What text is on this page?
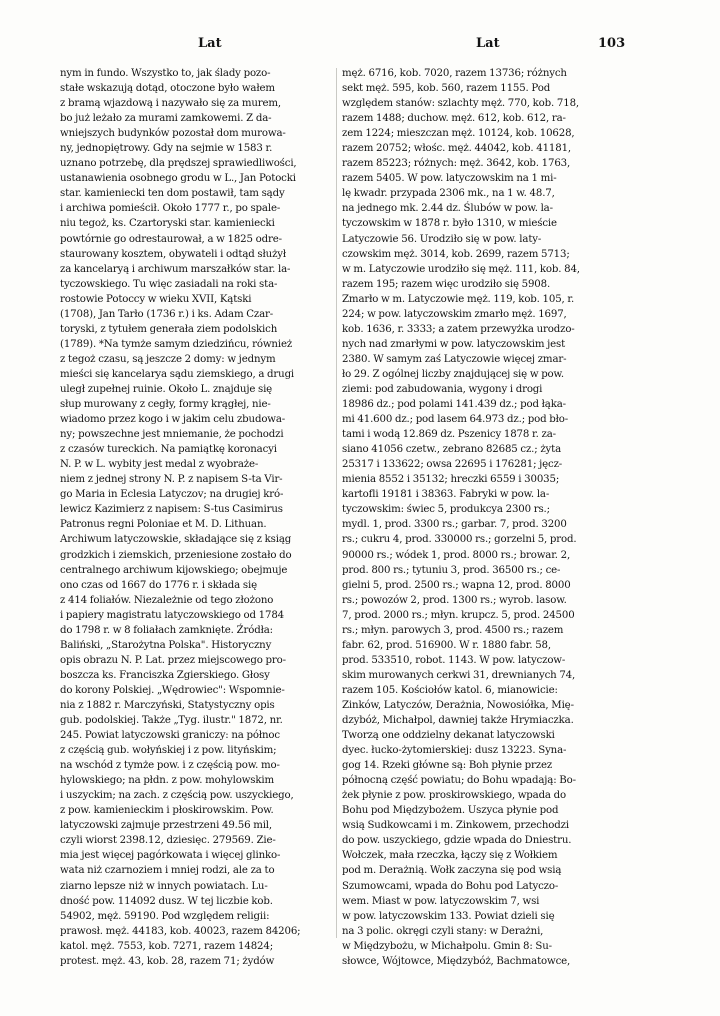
Lat	Lat	103
nym in fundo. Wszystko to, jak ślady pozo-
stałe wskazują dotąd, otoczone było wałem
z bramą wjazdową i nazywało się za murem,
bo już leżało za murami zamkowemi. Z da-
wniejszych budynków pozostał dom murowa-
ny, jednopiętrowy. Gdy na sejmie w 1583 r.
uznano potrzebę, dla prędszej sprawiedliwości,
ustanawienia osobnego grodu w L., Jan Potocki
star. kamieniecki ten dom postawił, tam sądy
i archiwa pomieścił. Około 1777 r., po spale-
niu tegoż, ks. Czartoryski star. kamieniecki
powtórnie go odrestaurował, a w 1825 odre-
staurowany kosztem, obywateli i odtąd służył
za kancelaryą i archiwum marszałków star. la-
tyczowskiego. Tu więc zasiadali na roki sta-
rostowie Potoccy w wieku XVII, Kątski
(1708), Jan Tarło (1736 r.) i ks. Adam Czar-
toryski, z tytułem generała ziem podolskich
(1789). *Na tymże samym dziedzińcu, również
z tegoż czasu, są jeszcze 2 domy: w jednym
mieści się kancelarya sądu ziemskiego, a drugi
uległ zupełnej ruinie. Około L. znajduje się
słup murowany z cegły, formy krągłej, nie-
wiadomo przez kogo i w jakim celu zbudowa-
ny; powszechne jest mniemanie, że pochodzi
z czasów tureckich. Na pamiątkę koronacyi
N. P. w L. wybity jest medal z wyobraże-
niem z jednej strony N. P. z napisem S-ta Vir-
go Maria in Eclesia Latyczov; na drugiej kró-
lewicz Kazimierz z napisem: S-tus Casimirus
Patronus regni Poloniae et M. D. Lithuan.
Archiwum latyczowskie, składające się z ksiąg
grodzkich i ziemskich, przeniesione zostało do
centralnego archiwum kijowskiego; obejmuje
ono czas od 1667 do 1776 r. i składa się
z 414 foliałów. Niezależnie od tego złożono
i papiery magistratu latyczowskiego od 1784
do 1798 r. w 8 foliałach zamknięte. Źródła:
Baliński, „Starożytna Polska". Historyczny
opis obrazu N. P. Lat. przez miejscowego pro-
boszcza ks. Franciszka Zgierskiego. Głosy
do korony Polskiej. „Wędrowiec": Wspomnie-
nia z 1882 r. Marczyński, Statystyczny opis
gub. podolskiej. Także „Tyg. ilustr." 1872, nr.
245. Powiat latyczowski graniczy: na północ
z częścią gub. wołyńskiej i z pow. lityńskim;
na wschód z tymże pow. i z częścią pow. mo-
hylowskiego; na płdn. z pow. mohylowskim
i uszyckim; na zach. z częścią pow. uszyckiego,
z pow. kamienieckim i płoskirowskim. Pow.
latyczowski zajmuje przestrzeni 49.56 mil,
czyli wiorst 2398.12, dziesięc. 279569. Zie-
mia jest więcej pagórkowata i więcej glinko-
wata niż czarnoziem i mniej rodzi, ale za to
ziarno lepsze niż w innych powiatach. Lu-
dność pow. 114092 dusz. W tej liczbie kob.
54902, męż. 59190. Pod względem religii:
prawosł. męż. 44183, kob. 40023, razem 84206;
katol. męż. 7553, kob. 7271, razem 14824;
protest. męż. 43, kob. 28, razem 71; żydów
męż. 6716, kob. 7020, razem 13736; różnych
sekt męż. 595, kob. 560, razem 1155. Pod
względem stanów: szlachty męż. 770, kob. 718,
razem 1488; duchow. męż. 612, kob. 612, ra-
zem 1224; mieszczan męż. 10124, kob. 10628,
razem 20752; włośc. męż. 44042, kob. 41181,
razem 85223; różnych: męż. 3642, kob. 1763,
razem 5405. W pow. latyczowskim na 1 mi-
lę kwadr. przypada 2306 mk., na 1 w. 48.7,
na jednego mk. 2.44 dz. Ślubów w pow. la-
tyczowskim w 1878 r. było 1310, w mieście
Latyczowie 56. Urodziło się w pow. laty-
czowskim męż. 3014, kob. 2699, razem 5713;
w m. Latyczowie urodziło się męż. 111, kob. 84,
razem 195; razem więc urodziło się 5908.
Zmarło w m. Latyczowie męż. 119, kob. 105, r.
224; w pow. latyczowskim zmarło męż. 1697,
kob. 1636, r. 3333; a zatem przewyżka urodzo-
nych nad zmarłymi w pow. latyczowskim jest
2380. W samym zaś Latyczowie więcej zmar-
ło 29. Z ogólnej liczby znajdującej się w pow.
ziemi: pod zabudowania, wygony i drogi
18986 dz.; pod polami 141.439 dz.; pod łąka-
mi 41.600 dz.; pod lasem 64.973 dz.; pod bło-
tami i wodą 12.869 dz. Pszenicy 1878 r. za-
siano 41056 czetw., zebrano 82685 cz.; żyta
25317 i 133622; owsa 22695 i 176281; jęcz-
mienia 8552 i 35132; hreczki 6559 i 30035;
kartofli 19181 i 38363. Fabryki w pow. la-
tyczowskim: świec 5, produkcya 2300 rs.;
mydl. 1, prod. 3300 rs.; garbar. 7, prod. 3200
rs.; cukru 4, prod. 330000 rs.; gorzelni 5, prod.
90000 rs.; wódek 1, prod. 8000 rs.; browar. 2,
prod. 800 rs.; tytuniu 3, prod. 36500 rs.; ce-
gielni 5, prod. 2500 rs.; wapna 12, prod. 8000
rs.; powozów 2, prod. 1300 rs.; wyrob. lasow.
7, prod. 2000 rs.; młyn. krupcz. 5, prod. 24500
rs.; młyn. parowych 3, prod. 4500 rs.; razem
fabr. 62, prod. 516900. W r. 1880 fabr. 58,
prod. 533510, robot. 1143. W pow. latyczow-
skim murowanych cerkwi 31, drewnianych 74,
razem 105. Kościołów katol. 6, mianowicie:
Zinków, Latyczów, Derażnia, Nowosiółka, Mię-
dzybóż, Michałpol, dawniej także Hrymiaczka.
Tworzą one oddzielny dekanat latyczowski
dyec. łucko-żytomierskiej: dusz 13223. Syna-
gog 14. Rzeki główne są: Boh płynie przez
północną część powiatu; do Bohu wpadają: Bo-
żek płynie z pow. proskirowskiego, wpada do
Bohu pod Międzybożem. Uszyca płynie pod
wsią Sudkowcami i m. Zinkowem, przechodzi
do pow. uszyckiego, gdzie wpada do Dniestru.
Wołczek, mała rzeczka, łączy się z Wołkiem
pod m. Derażnią. Wołk zaczyna się pod wsią
Szumowcami, wpada do Bohu pod Latyczo-
wem. Miast w pow. latyczowskim 7, wsi
w pow. latyczowskim 133. Powiat dzieli się
na 3 polic. okręgi czyli stany: w Derażni,
w Międzybożu, w Michałpolu. Gmin 8: Su-
słowce, Wójtowce, Międzybóż, Bachmatowce,
